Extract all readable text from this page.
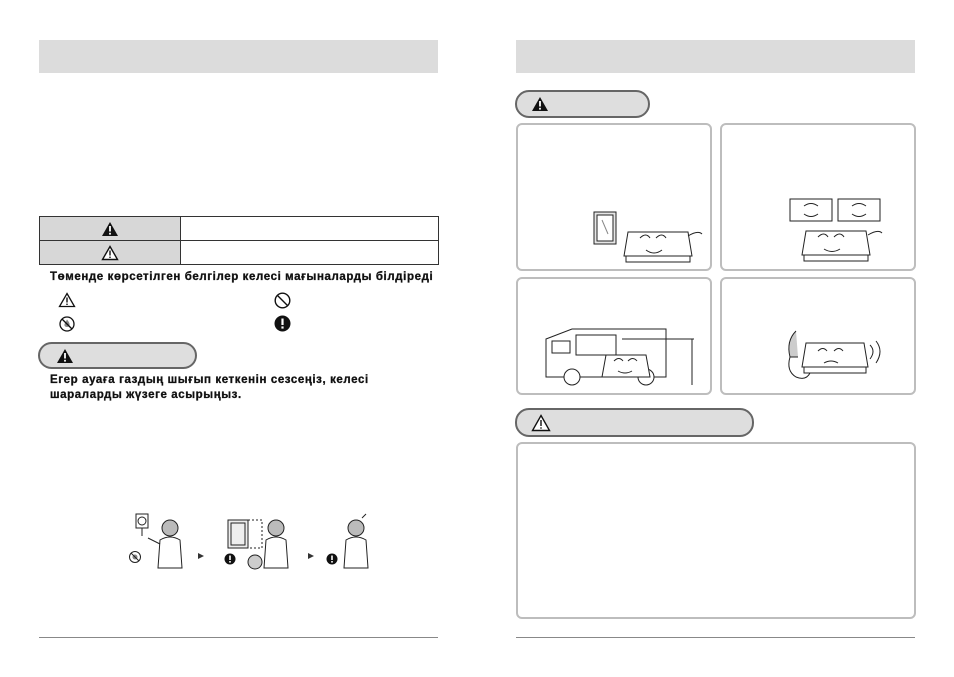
Төменде көрсетілген белгілер келесі мағыналарды білдіреді
Егер ауаға газдың шығып кеткенін сезсеңіз, келесі
шараларды жүзеге асырыңыз.
